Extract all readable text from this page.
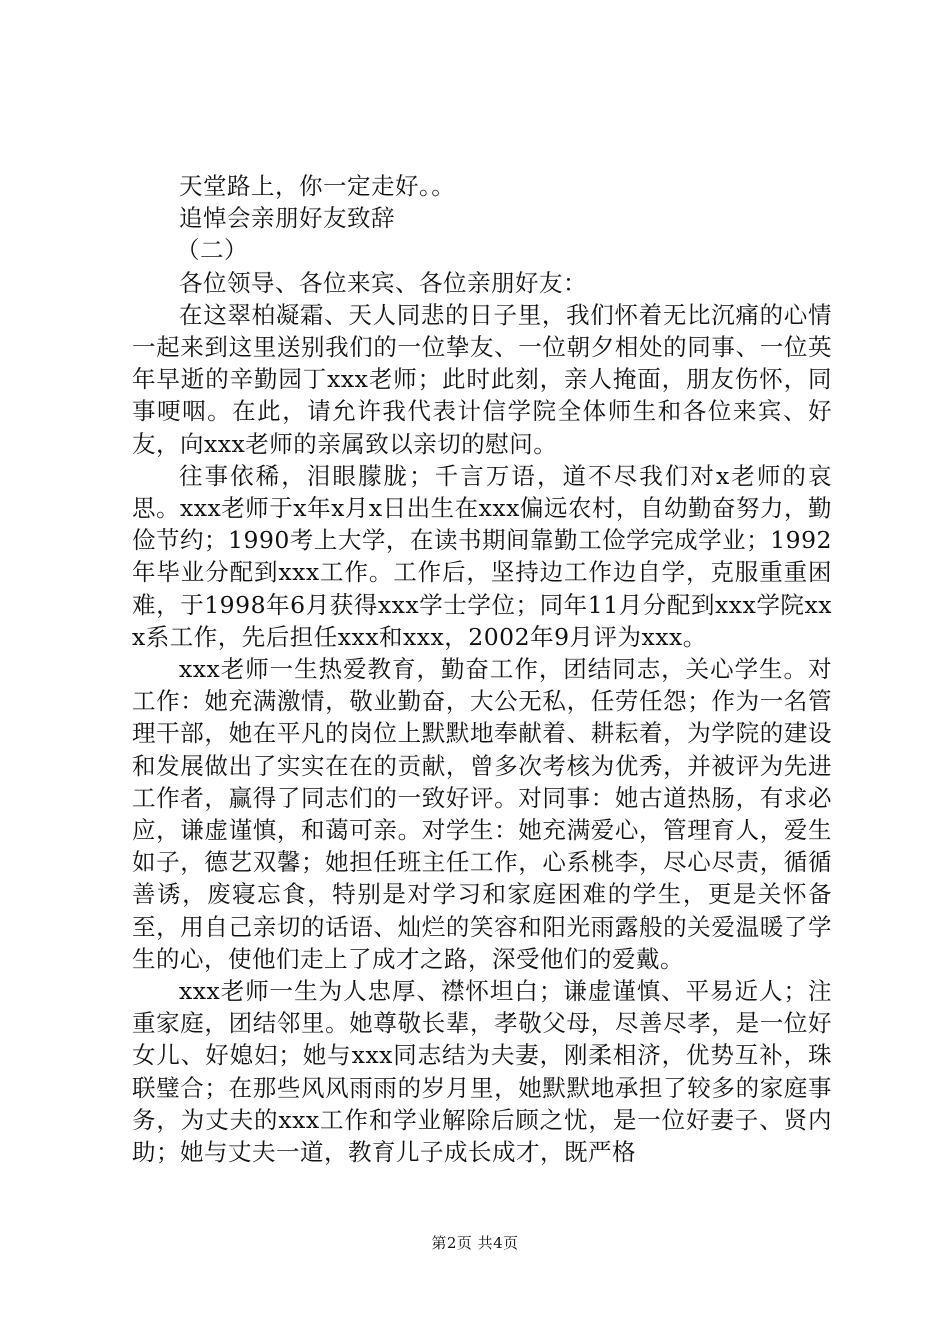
天堂路上，你一定走好。。

追悼会亲朋好友致辞

（二）

各位领导、各位来宾、各位亲朋好友：

在这翠柏凝霜、天人同悲的日子里，我们怀着无比沉痛的心情一起来到这里送别我们的一位挚友、一位朝夕相处的同事、一位英年早逝的辛勤园丁xxx老师；此时此刻，亲人掩面，朋友伤怀，同事哽咽。在此，请允许我代表计信学院全体师生和各位来宾、好友，向xxx老师的亲属致以亲切的慰问。

往事依稀，泪眼朦胧；千言万语，道不尽我们对x老师的哀思。xxx老师于x年x月x日出生在xxx偏远农村，自幼勤奋努力，勤俭节约；1990考上大学，在读书期间靠勤工俭学完成学业；1992年毕业分配到xxx工作。工作后，坚持边工作边自学，克服重重困难，于1998年6月获得xxx学士学位；同年11月分配到xxx学院xxx系工作，先后担任xxx和xxx，2002年9月评为xxx。

xxx老师一生热爱教育，勤奋工作，团结同志，关心学生。对工作：她充满激情，敬业勤奋，大公无私，任劳任怨；作为一名管理干部，她在平凡的岗位上默默地奉献着、耕耘着，为学院的建设和发展做出了实实在在的贡献，曾多次考核为优秀，并被评为先进工作者，赢得了同志们的一致好评。对同事：她古道热肠，有求必应，谦虚谨慎，和蔼可亲。对学生：她充满爱心，管理育人，爱生如子，德艺双馨；她担任班主任工作，心系桃李，尽心尽责，循循善诱，废寝忘食，特别是对学习和家庭困难的学生，更是关怀备至，用自己亲切的话语、灿烂的笑容和阳光雨露般的关爱温暖了学生的心，使他们走上了成才之路，深受他们的爱戴。

xxx老师一生为人忠厚、襟怀坦白；谦虚谨慎、平易近人；注重家庭，团结邻里。她尊敬长辈，孝敬父母，尽善尽孝，是一位好女儿、好媳妇；她与xxx同志结为夫妻，刚柔相济，优势互补，珠联璧合；在那些风风雨雨的岁月里，她默默地承担了较多的家庭事务，为丈夫的xxx工作和学业解除后顾之忧，是一位好妻子、贤内助；她与丈夫一道，教育儿子成长成才，既严格

第2页 共4页
